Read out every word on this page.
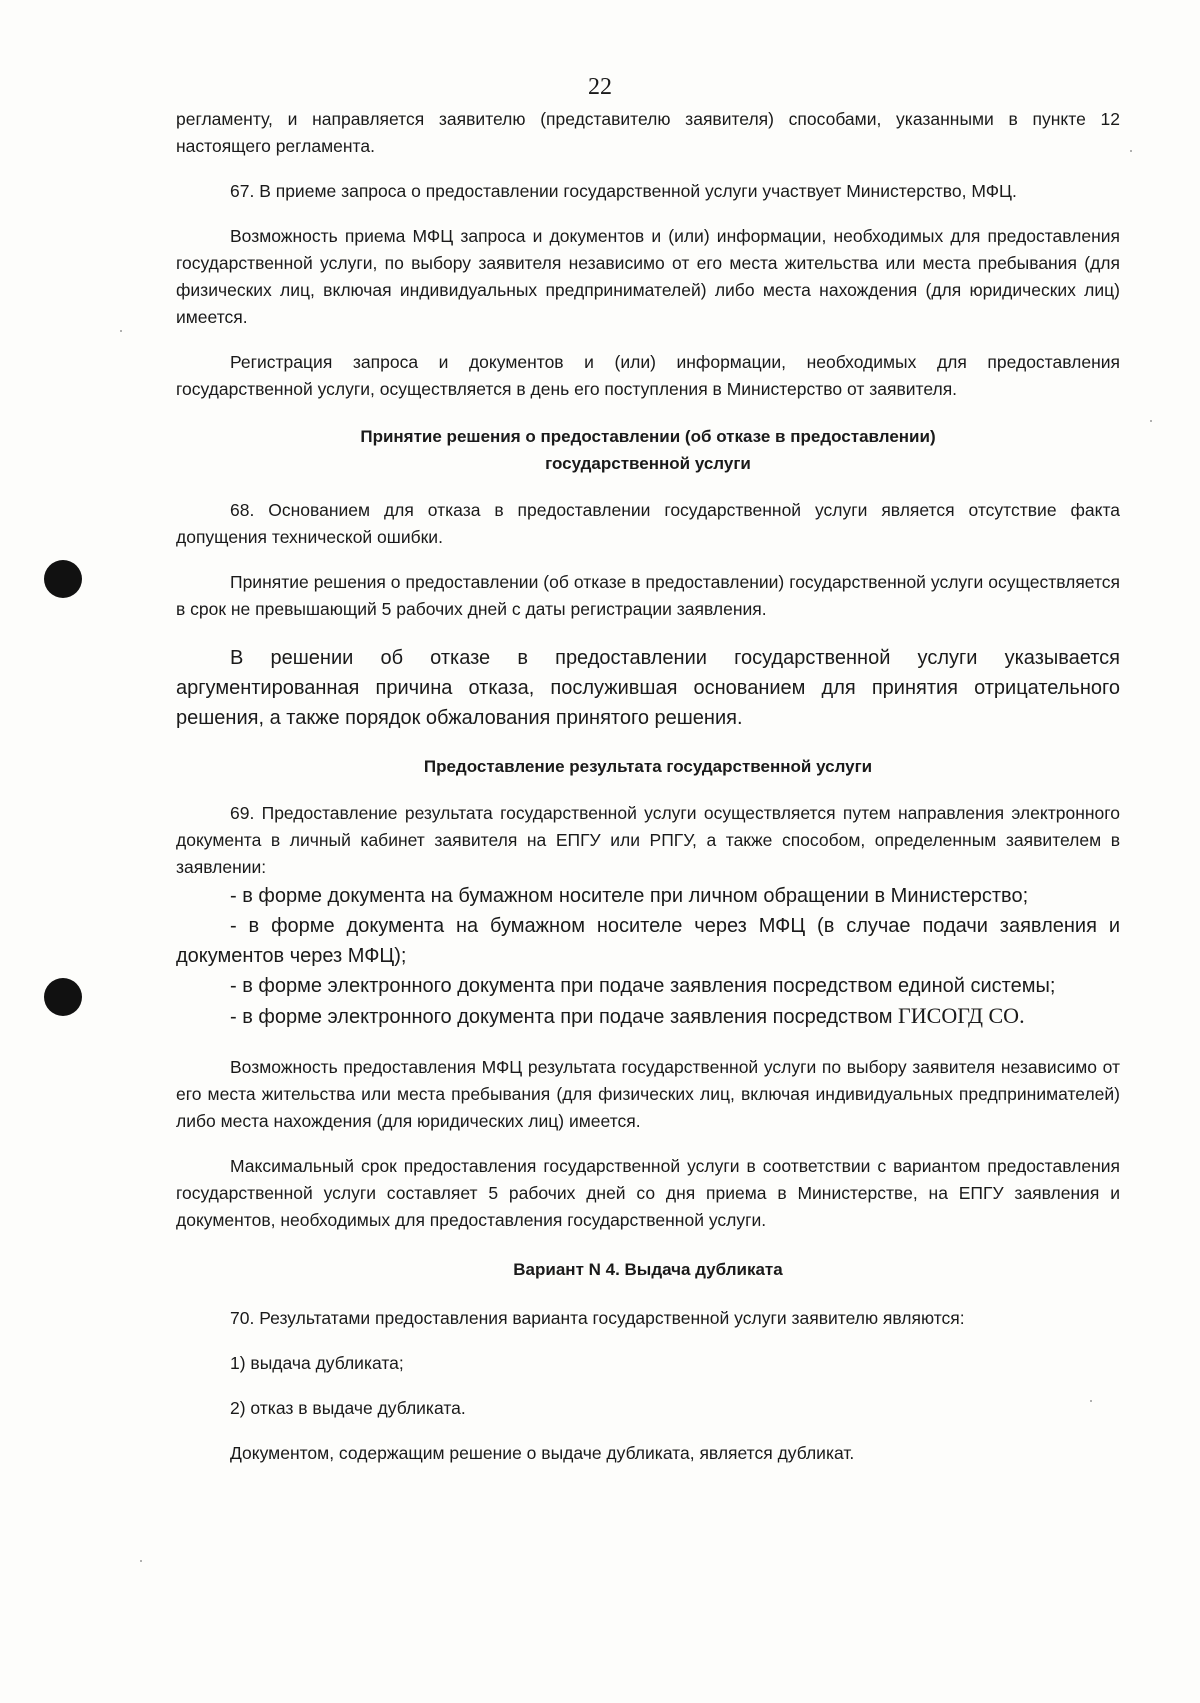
22

регламенту, и направляется заявителю (представителю заявителя) способами, указанными в пункте 12 настоящего регламента.

67. В приеме запроса о предоставлении государственной услуги участвует Министерство, МФЦ.

Возможность приема МФЦ запроса и документов и (или) информации, необходимых для предоставления государственной услуги, по выбору заявителя независимо от его места жительства или места пребывания (для физических лиц, включая индивидуальных предпринимателей) либо места нахождения (для юридических лиц) имеется.

Регистрация запроса и документов и (или) информации, необходимых для предоставления государственной услуги, осуществляется в день его поступления в Министерство от заявителя.

Принятие решения о предоставлении (об отказе в предоставлении)
государственной услуги

68. Основанием для отказа в предоставлении государственной услуги является отсутствие факта допущения технической ошибки.

Принятие решения о предоставлении (об отказе в предоставлении) государственной услуги осуществляется в срок не превышающий 5 рабочих дней с даты регистрации заявления.

В решении об отказе в предоставлении государственной услуги указывается аргументированная причина отказа, послужившая основанием для принятия отрицательного решения, а также порядок обжалования принятого решения.

Предоставление результата государственной услуги

69. Предоставление результата государственной услуги осуществляется путем направления электронного документа в личный кабинет заявителя на ЕПГУ или РПГУ, а также способом, определенным заявителем в заявлении:

- в форме документа на бумажном носителе при личном обращении в Министерство;

- в форме документа на бумажном носителе через МФЦ (в случае подачи заявления и документов через МФЦ);

- в форме электронного документа при подаче заявления посредством единой системы;

- в форме электронного документа при подаче заявления посредством ГИСОГД СО.

Возможность предоставления МФЦ результата государственной услуги по выбору заявителя независимо от его места жительства или места пребывания (для физических лиц, включая индивидуальных предпринимателей) либо места нахождения (для юридических лиц) имеется.

Максимальный срок предоставления государственной услуги в соответствии с вариантом предоставления государственной услуги составляет 5 рабочих дней со дня приема в Министерстве, на ЕПГУ заявления и документов, необходимых для предоставления государственной услуги.

Вариант N 4. Выдача дубликата

70. Результатами предоставления варианта государственной услуги заявителю являются:

1) выдача дубликата;

2) отказ в выдаче дубликата.

Документом, содержащим решение о выдаче дубликата, является дубликат.
